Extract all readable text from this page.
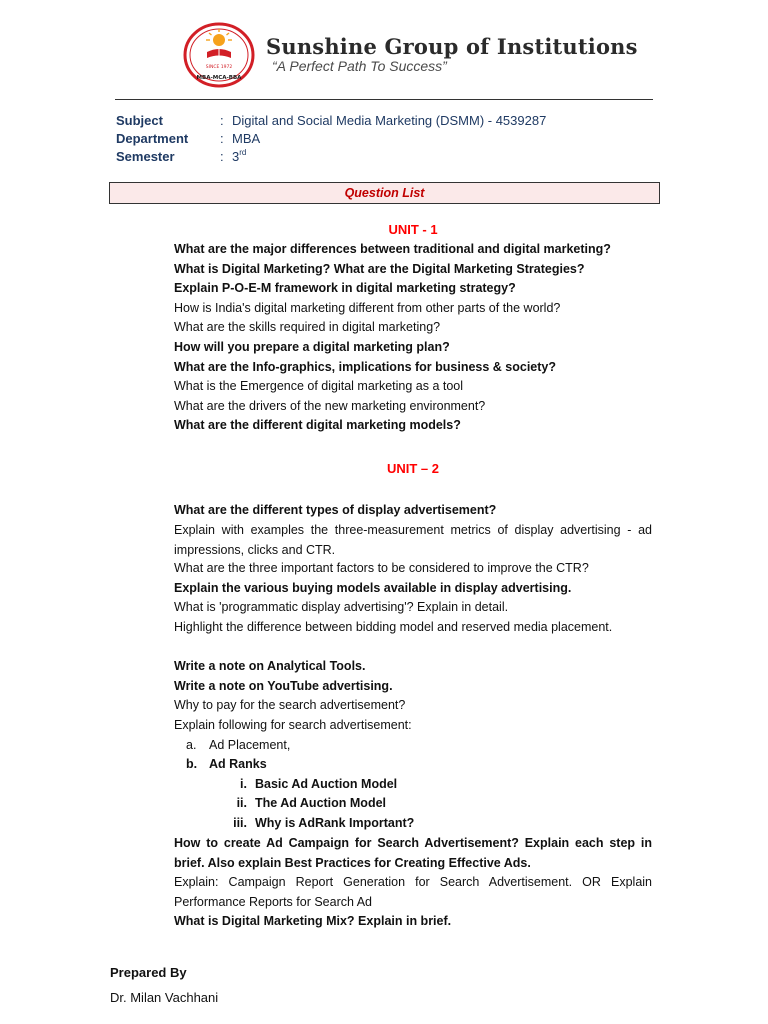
SINCE 1972
MBA-MCA-BBA
Sunshine Group of Institutions
“A Perfect Path To Success”
Subject	: Digital and Social Media Marketing (DSMM) - 4539287
Department	: MBA
Semester	: 3rd
Question List
UNIT - 1
What are the major differences between traditional and digital marketing?
What is Digital Marketing? What are the Digital Marketing Strategies?
Explain P-O-E-M framework in digital marketing strategy?
How is India's digital marketing different from other parts of the world?
What are the skills required in digital marketing?
How will you prepare a digital marketing plan?
What are the Info-graphics, implications for business & society?
What is the Emergence of digital marketing as a tool
What are the drivers of the new marketing environment?
What are the different digital marketing models?
UNIT – 2
What are the different types of display advertisement?
Explain with examples the three-measurement metrics of display advertising - ad impressions, clicks and CTR.
What are the three important factors to be considered to improve the CTR?
Explain the various buying models available in display advertising.
What is 'programmatic display advertising'? Explain in detail.
Highlight the difference between bidding model and reserved media placement.
Write a note on Analytical Tools.
Write a note on YouTube advertising.
Why to pay for the search advertisement?
Explain following for search advertisement:
a. Ad Placement,
b. Ad Ranks
i. Basic Ad Auction Model
ii. The Ad Auction Model
iii. Why is AdRank Important?
How to create Ad Campaign for Search Advertisement? Explain each step in brief. Also explain Best Practices for Creating Effective Ads.
Explain: Campaign Report Generation for Search Advertisement. OR Explain Performance Reports for Search Ad
What is Digital Marketing Mix? Explain in brief.
Prepared By
Dr. Milan Vachhani
